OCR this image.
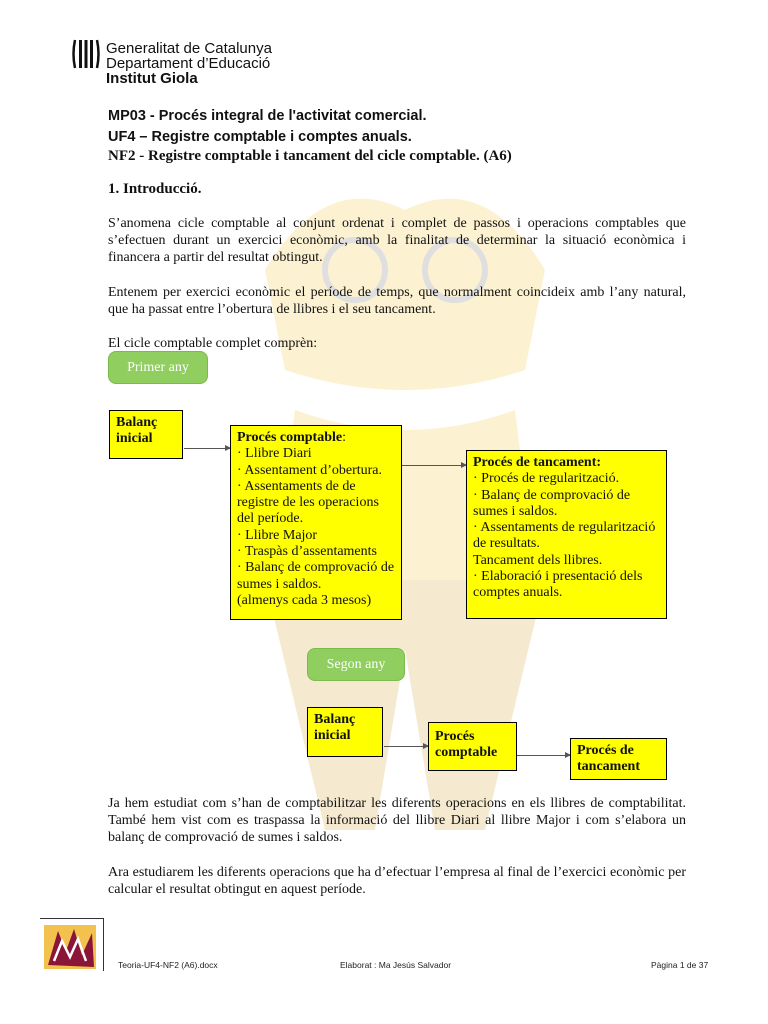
Generalitat de Catalunya
Departament d’Educació
Institut Giola
MP03 - Procés integral de l'activitat comercial.
UF4 – Registre comptable i comptes anuals.
NF2 - Registre comptable i tancament del cicle comptable. (A6)
1. Introducció.
S’anomena cicle comptable al conjunt ordenat i complet de passos i operacions comptables que s’efectuen durant un exercici econòmic, amb la finalitat de determinar la situació econòmica i financera a partir del resultat obtingut.
Entenem per exercici econòmic el període de temps, que normalment coincideix amb l’any natural, que ha passat entre l’obertura de llibres i el seu tancament.
El cicle comptable complet comprèn:
Primer any
Balanç inicial	Procés comptable:
· Llibre Diari
· Assentament d’obertura.
· Assentaments de de registre de les operacions del període.
· Llibre Major
· Traspàs d’assentaments
· Balanç de comprovació de sumes i saldos.
(almenys cada 3 mesos)
Procés de tancament:
· Procés de regularització.
· Balanç de comprovació de sumes i saldos.
· Assentaments de regularització de resultats.
Tancament dels llibres.
· Elaboració i presentació dels comptes anuals.
Segon any
Balanç inicial	Procés comptable	Procés de tancament
Ja hem estudiat com s’han de comptabilitzar les diferents operacions en els llibres de comptabilitat. També hem vist com es traspassa la informació del llibre Diari al llibre Major i com s’elabora un balanç de comprovació de sumes i saldos.
Ara estudiarem les diferents operacions que ha d’efectuar l’empresa al final de l’exercici econòmic per calcular el resultat obtingut en aquest període.
Teoria-UF4-NF2 (A6).docx	Elaborat : Ma Jesús Salvador	Pàgina 1 de 37
